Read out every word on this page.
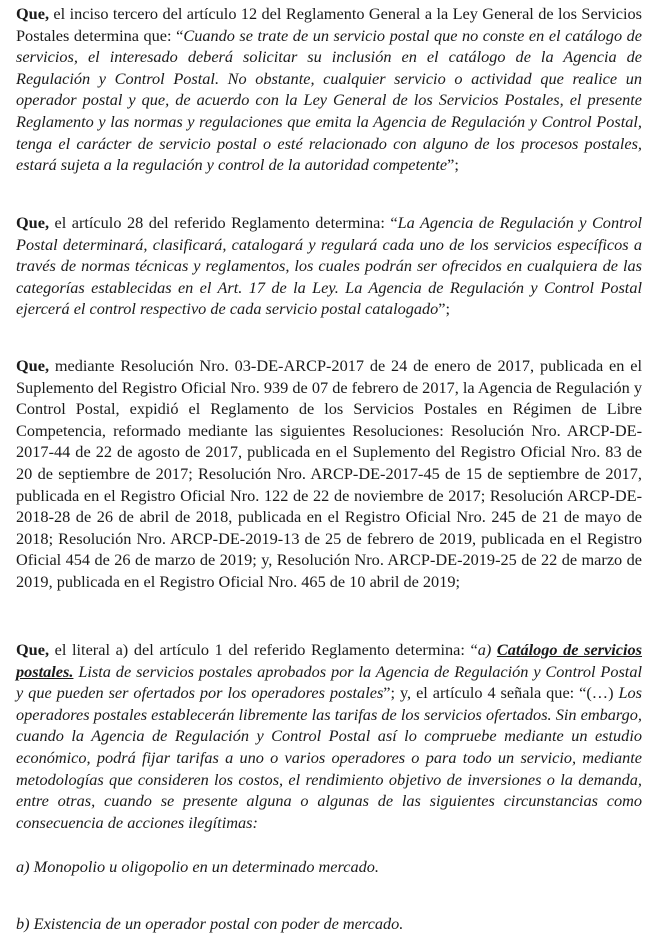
Que, el inciso tercero del artículo 12 del Reglamento General a la Ley General de los Servicios Postales determina que: “Cuando se trate de un servicio postal que no conste en el catálogo de servicios, el interesado deberá solicitar su inclusión en el catálogo de la Agencia de Regulación y Control Postal. No obstante, cualquier servicio o actividad que realice un operador postal y que, de acuerdo con la Ley General de los Servicios Postales, el presente Reglamento y las normas y regulaciones que emita la Agencia de Regulación y Control Postal, tenga el carácter de servicio postal o esté relacionado con alguno de los procesos postales, estará sujeta a la regulación y control de la autoridad competente”;

Que, el artículo 28 del referido Reglamento determina: “La Agencia de Regulación y Control Postal determinará, clasificará, catalogará y regulará cada uno de los servicios específicos a través de normas técnicas y reglamentos, los cuales podrán ser ofrecidos en cualquiera de las categorías establecidas en el Art. 17 de la Ley. La Agencia de Regulación y Control Postal ejercerá el control respectivo de cada servicio postal catalogado”;

Que, mediante Resolución Nro. 03-DE-ARCP-2017 de 24 de enero de 2017, publicada en el Suplemento del Registro Oficial Nro. 939 de 07 de febrero de 2017, la Agencia de Regulación y Control Postal, expidió el Reglamento de los Servicios Postales en Régimen de Libre Competencia, reformado mediante las siguientes Resoluciones: Resolución Nro. ARCP-DE-2017-44 de 22 de agosto de 2017, publicada en el Suplemento del Registro Oficial Nro. 83 de 20 de septiembre de 2017; Resolución Nro. ARCP-DE-2017-45 de 15 de septiembre de 2017, publicada en el Registro Oficial Nro. 122 de 22 de noviembre de 2017; Resolución ARCP-DE-2018-28 de 26 de abril de 2018, publicada en el Registro Oficial Nro. 245 de 21 de mayo de 2018; Resolución Nro. ARCP-DE-2019-13 de 25 de febrero de 2019, publicada en el Registro Oficial 454 de 26 de marzo de 2019; y, Resolución Nro. ARCP-DE-2019-25 de 22 de marzo de 2019, publicada en el Registro Oficial Nro. 465 de 10 abril de 2019;

Que, el literal a) del artículo 1 del referido Reglamento determina: “a) Catálogo de servicios postales. Lista de servicios postales aprobados por la Agencia de Regulación y Control Postal y que pueden ser ofertados por los operadores postales”; y, el artículo 4 señala que: “(…) Los operadores postales establecerán libremente las tarifas de los servicios ofertados. Sin embargo, cuando la Agencia de Regulación y Control Postal así lo compruebe mediante un estudio económico, podrá fijar tarifas a uno o varios operadores o para todo un servicio, mediante metodologías que consideren los costos, el rendimiento objetivo de inversiones o la demanda, entre otras, cuando se presente alguna o algunas de las siguientes circunstancias como consecuencia de acciones ilegítimas:

a) Monopolio u oligopolio en un determinado mercado.

b) Existencia de un operador postal con poder de mercado.
